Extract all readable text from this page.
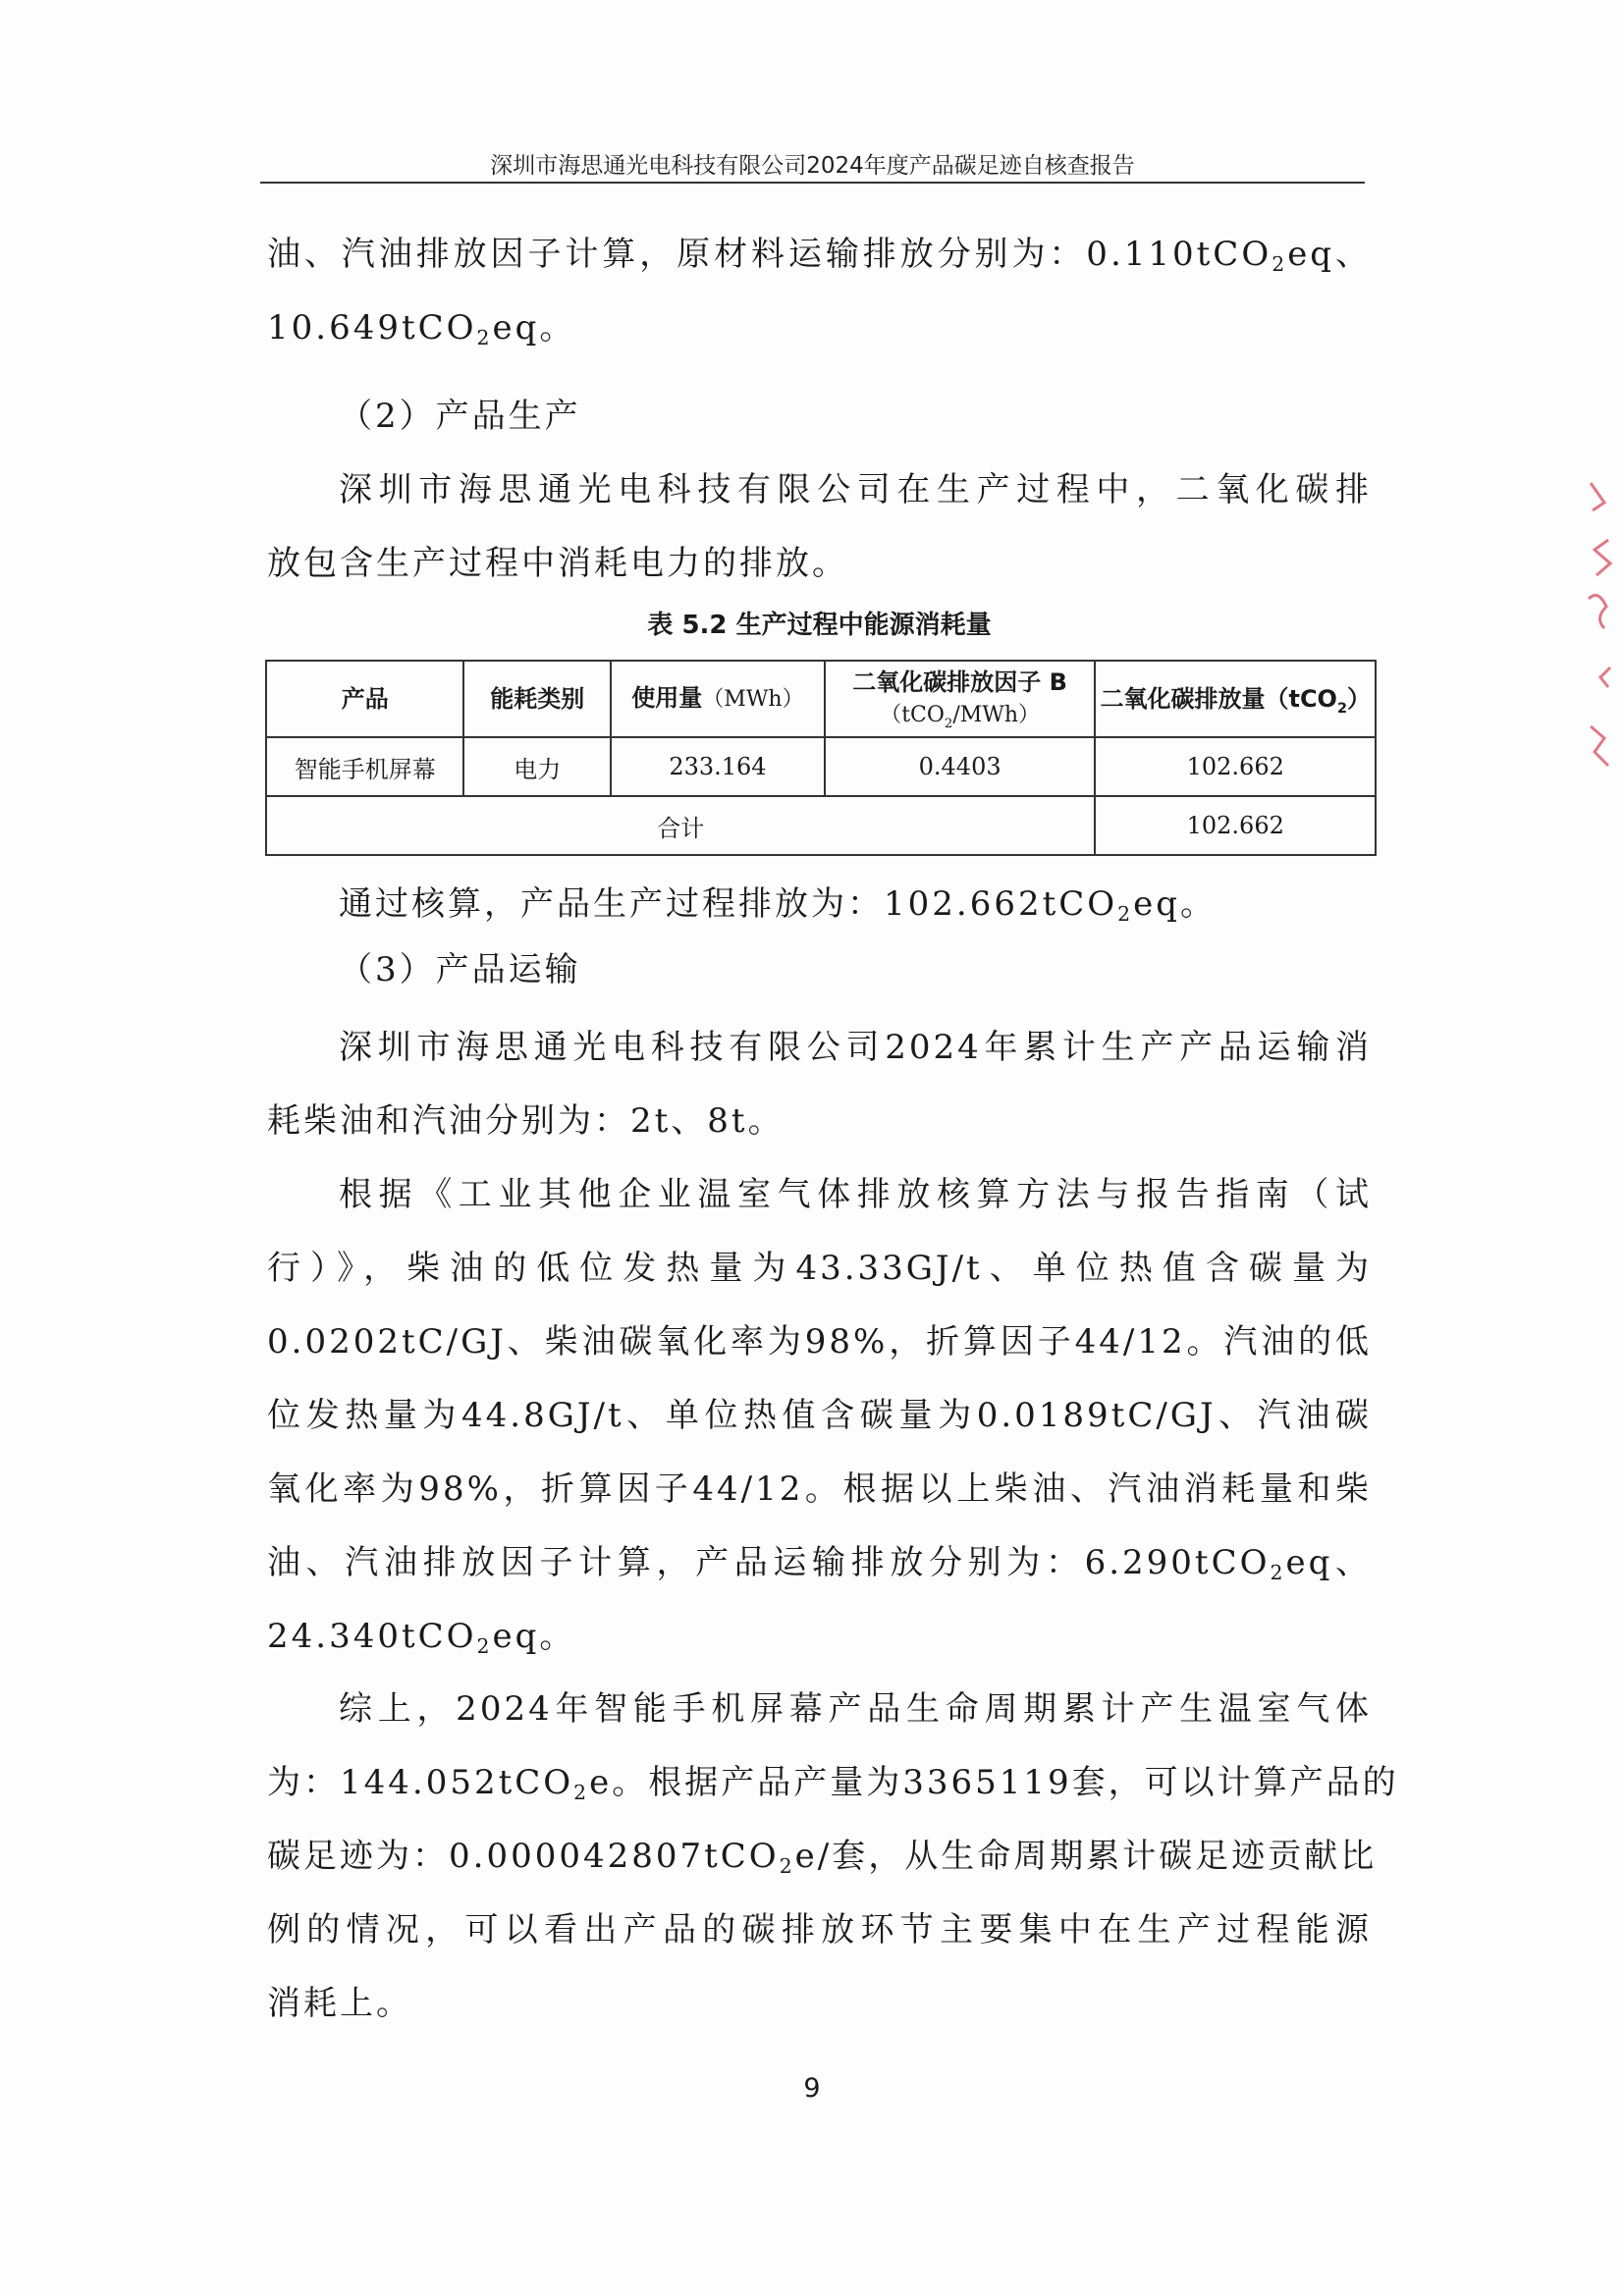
深圳市海思通光电科技有限公司2024年度产品碳足迹自核查报告
油、汽油排放因子计算，原材料运输排放分别为：0.110tCO$_2$eq、
10.649tCO$_2$eq。
（2）产品生产
深圳市海思通光电科技有限公司在生产过程中，二氧化碳排
放包含生产过程中消耗电力的排放。
表 5.2 生产过程中能源消耗量
产品	能耗类别	使用量（MWh）	二氧化碳排放因子 B
（tCO$_2$/MWh）	二氧化碳排放量（tCO$_2$）
智能手机屏幕	电力	233.164	0.4403	102.662
合计				102.662
通过核算，产品生产过程排放为：102.662tCO$_2$eq。
（3）产品运输
深圳市海思通光电科技有限公司2024年累计生产产品运输消
耗柴油和汽油分别为：2t、8t。
根据《工业其他企业温室气体排放核算方法与报告指南（试
行）》，柴油的低位发热量为43.33GJ/t、单位热值含碳量为
0.0202tC/GJ、柴油碳氧化率为98%，折算因子44/12。汽油的低
位发热量为44.8GJ/t、单位热值含碳量为0.0189tC/GJ、汽油碳
氧化率为98%，折算因子44/12。根据以上柴油、汽油消耗量和柴
油、汽油排放因子计算，产品运输排放分别为：6.290tCO$_2$eq、
24.340tCO$_2$eq。
综上，2024年智能手机屏幕产品生命周期累计产生温室气体
为：144.052tCO$_2$e。根据产品产量为3365119套，可以计算产品的
碳足迹为：0.000042807tCO$_2$e/套，从生命周期累计碳足迹贡献比
例的情况，可以看出产品的碳排放环节主要集中在生产过程能源
消耗上。
9
